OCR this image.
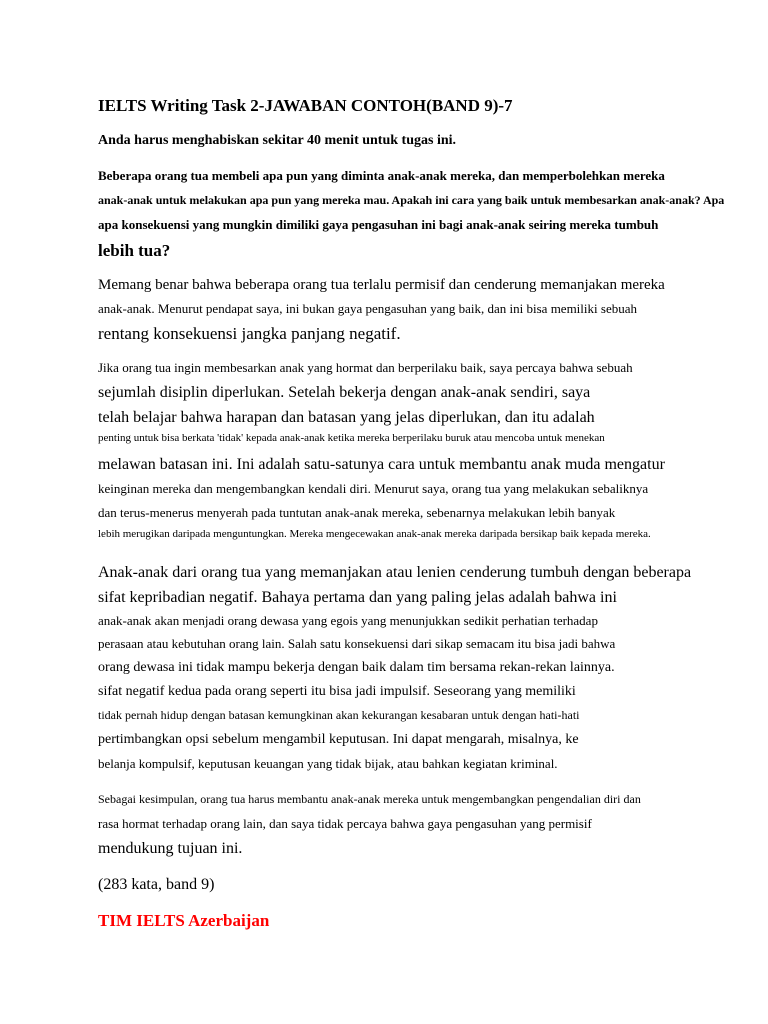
IELTS Writing Task 2-JAWABAN CONTOH(BAND 9)-7
Anda harus menghabiskan sekitar 40 menit untuk tugas ini.
Beberapa orang tua membeli apa pun yang diminta anak-anak mereka, dan memperbolehkan mereka
anak-anak untuk melakukan apa pun yang mereka mau. Apakah ini cara yang baik untuk membesarkan anak-anak? Apa
apa konsekuensi yang mungkin dimiliki gaya pengasuhan ini bagi anak-anak seiring mereka tumbuh
lebih tua?
Memang benar bahwa beberapa orang tua terlalu permisif dan cenderung memanjakan mereka
anak-anak. Menurut pendapat saya, ini bukan gaya pengasuhan yang baik, dan ini bisa memiliki sebuah
rentang konsekuensi jangka panjang negatif.
Jika orang tua ingin membesarkan anak yang hormat dan berperilaku baik, saya percaya bahwa sebuah
sejumlah disiplin diperlukan. Setelah bekerja dengan anak-anak sendiri, saya
telah belajar bahwa harapan dan batasan yang jelas diperlukan, dan itu adalah
penting untuk bisa berkata 'tidak' kepada anak-anak ketika mereka berperilaku buruk atau mencoba untuk menekan
melawan batasan ini. Ini adalah satu-satunya cara untuk membantu anak muda mengatur
keinginan mereka dan mengembangkan kendali diri. Menurut saya, orang tua yang melakukan sebaliknya
dan terus-menerus menyerah pada tuntutan anak-anak mereka, sebenarnya melakukan lebih banyak
lebih merugikan daripada menguntungkan. Mereka mengecewakan anak-anak mereka daripada bersikap baik kepada mereka.
Anak-anak dari orang tua yang memanjakan atau lenien cenderung tumbuh dengan beberapa
sifat kepribadian negatif. Bahaya pertama dan yang paling jelas adalah bahwa ini
anak-anak akan menjadi orang dewasa yang egois yang menunjukkan sedikit perhatian terhadap
perasaan atau kebutuhan orang lain. Salah satu konsekuensi dari sikap semacam itu bisa jadi bahwa
orang dewasa ini tidak mampu bekerja dengan baik dalam tim bersama rekan-rekan lainnya.
sifat negatif kedua pada orang seperti itu bisa jadi impulsif. Seseorang yang memiliki
tidak pernah hidup dengan batasan kemungkinan akan kekurangan kesabaran untuk dengan hati-hati
pertimbangkan opsi sebelum mengambil keputusan. Ini dapat mengarah, misalnya, ke
belanja kompulsif, keputusan keuangan yang tidak bijak, atau bahkan kegiatan kriminal.
Sebagai kesimpulan, orang tua harus membantu anak-anak mereka untuk mengembangkan pengendalian diri dan
rasa hormat terhadap orang lain, dan saya tidak percaya bahwa gaya pengasuhan yang permisif
mendukung tujuan ini.
(283 kata, band 9)
TIM IELTS Azerbaijan
